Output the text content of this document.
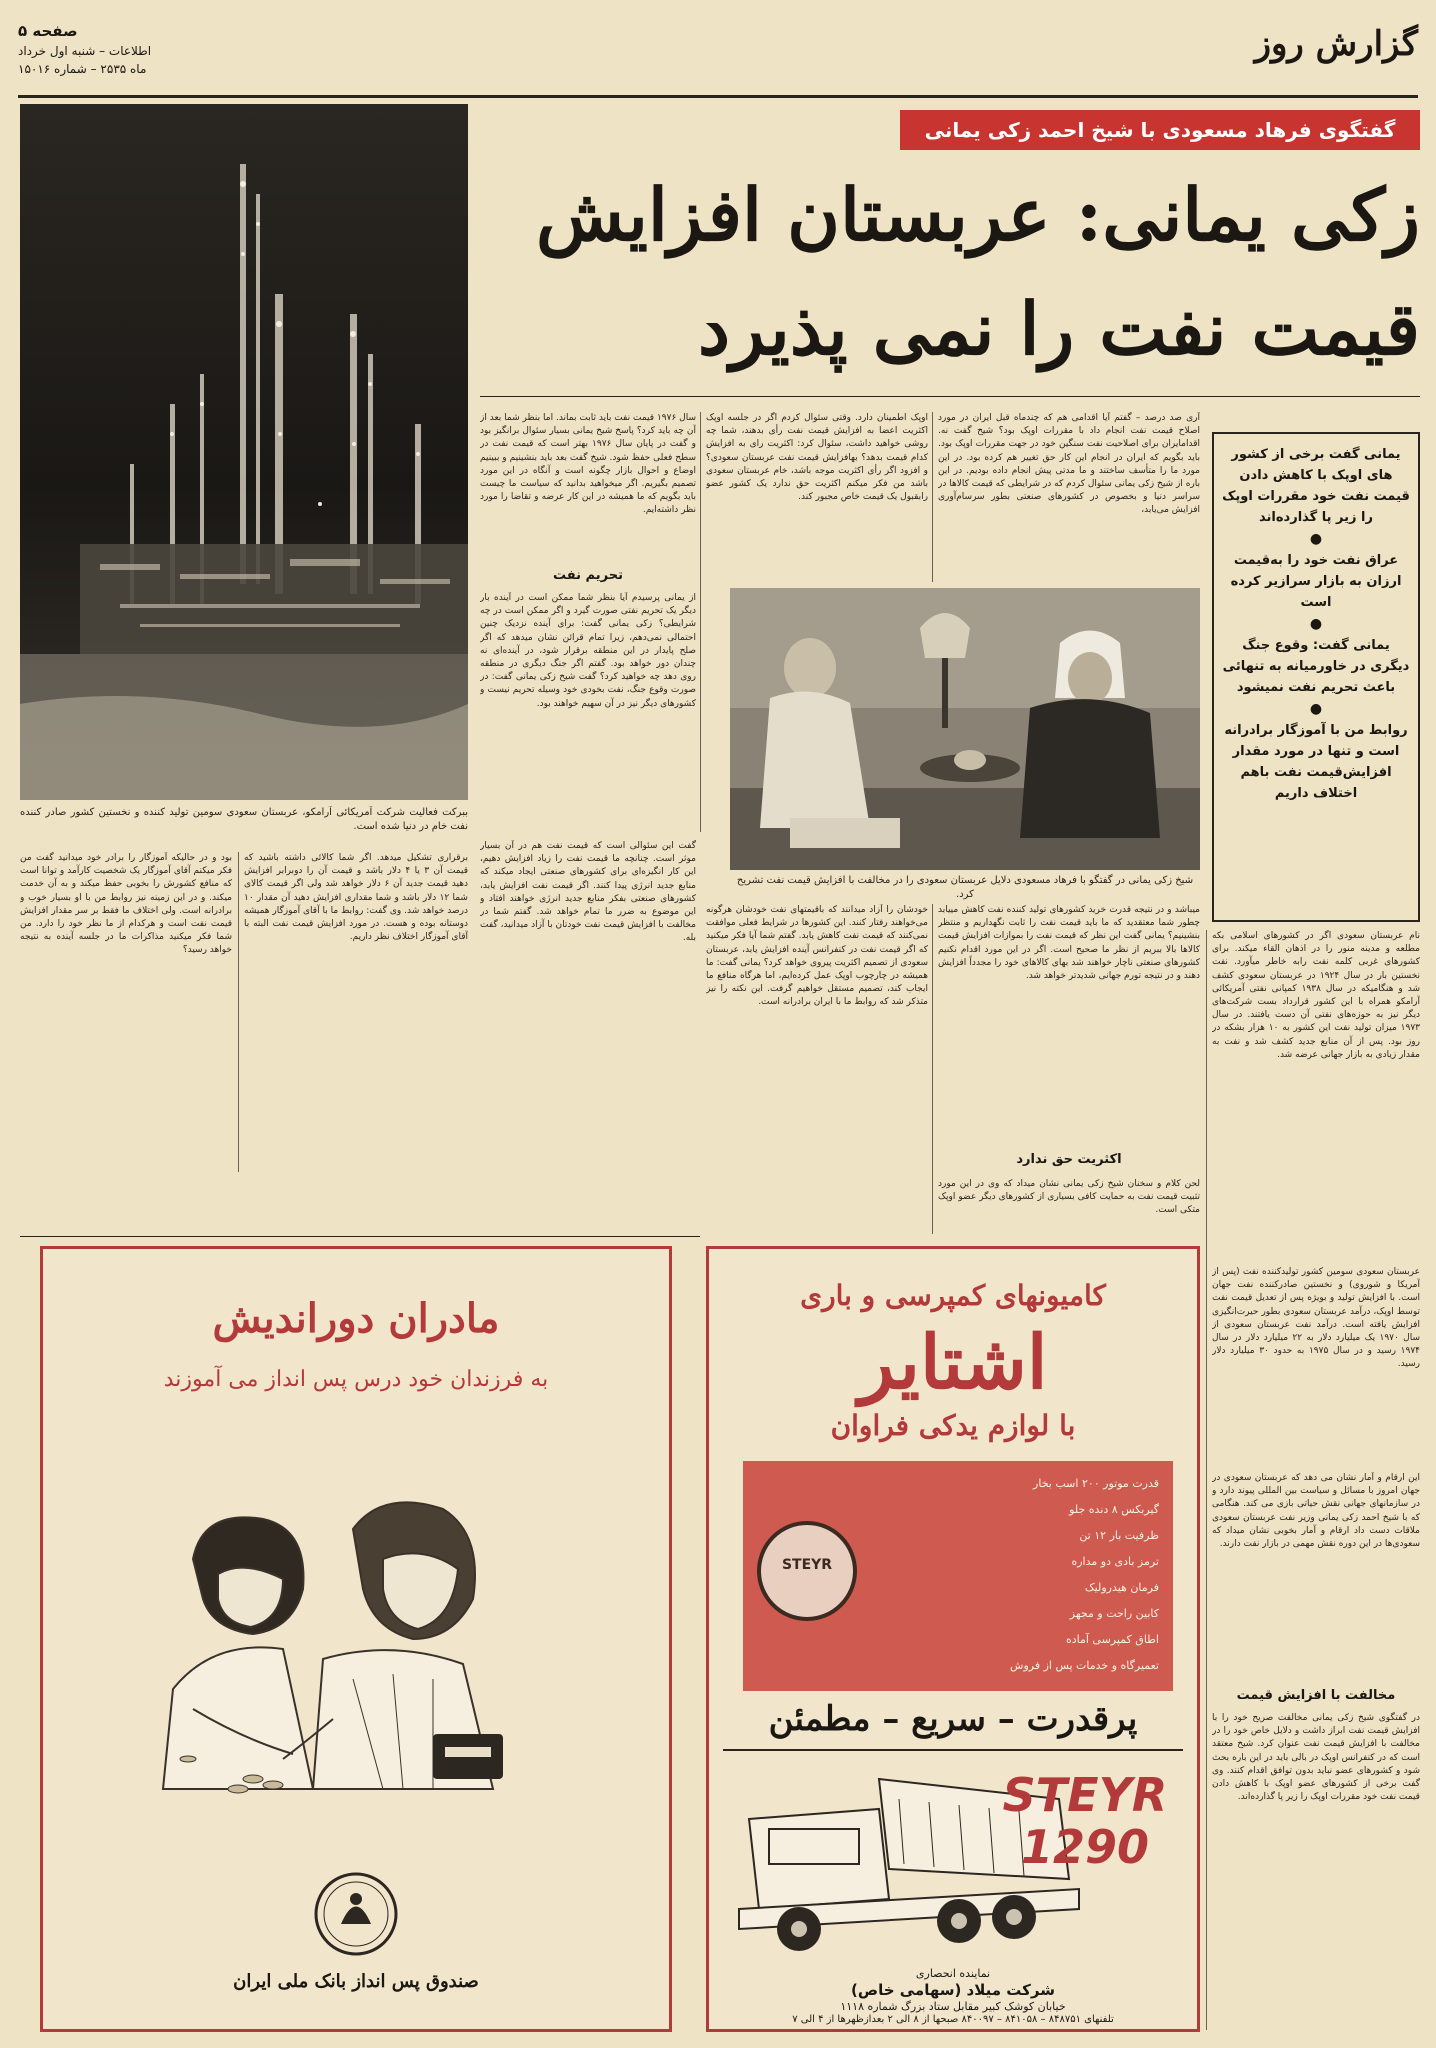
گزارش روز
صفحه ۵
اطلاعات – شنبه اول خرداد
ماه ۲۵۳۵ – شماره ۱۵۰۱۶
ببرکت فعالیت شرکت آمریکائی آرامکو، عربستان سعودی سومین تولید کننده و نخستین کشور صادر کننده نفت خام در دنیا شده است.
گفتگوی فرهاد مسعودی با شیخ احمد زکی یمانی
زکی یمانی: عربستان افزایش
قیمت نفت را نمی پذیرد
یمانی گفت برخی از کشور های اوپک با کاهش دادن قیمت نفت خود مقررات اوپک را زیر پا گذارده‌اند
●
عراق نفت خود را به‌قیمت ارزان به بازار سرازیر کرده است
●
یمانی گفت: وقوع جنگ دیگری در خاورمیانه به تنهائی باعث تحریم نفت نمیشود
●
روابط من با آموزگار برادرانه است و تنها در مورد مقدار افزایش‌قیمت نفت باهم اختلاف داریم
آری صد درصد – گفتم آیا اقدامی هم که چندماه قبل ایران در مورد اصلاح قیمت نفت انجام داد با مقررات اوپک بود؟ شیخ گفت نه. اقدامایران برای اصلاحیت نفت سنگین خود در جهت مقررات اوپک بود. باید بگویم که ایران در انجام این کار حق تغییر هم کرده بود. در این مورد ما را متأسف ساختند و ما مدتی پیش انجام داده بودیم. در این باره از شیخ زکی یمانی سئوال کردم که در شرایطی که قیمت کالاها در سراسر دنیا و بخصوص در کشورهای صنعتی بطور سرسام‌آوری افزایش می‌یابد،
اوپک اطمینان دارد. وقتی سئوال کردم اگر در جلسه اوپک اکثریت اعضا به افزایش قیمت نفت رأی بدهند، شما چه روشی خواهید داشت، سئوال کرد: اکثریت رای به افزایش کدام قیمت بدهد؟ بهافزایش قیمت نفت عربستان سعودی؟ و افزود اگر رأی اکثریت موجه باشد، خام عربستان سعودی باشد من فکر میکنم اکثریت حق ندارد یک کشور عضو رابقبول یک قیمت خاص مجبور کند.
سال ۱۹۷۶ قیمت نفت باید ثابت بماند. اما بنظر شما بعد از آن چه باید کرد؟ پاسخ شیخ یمانی بسیار سئوال برانگیز بود و گفت در پایان سال ۱۹۷۶ بهتر است که قیمت نفت در سطح فعلی حفظ شود. شیخ گفت بعد باید بنشینیم و ببینیم اوضاع و احوال بازار چگونه است و آنگاه در این مورد تصمیم بگیریم. اگر میخواهید بدانید که سیاست ما چیست باید بگویم که ما همیشه در این کار عرضه و تقاضا را مورد نظر داشته‌ایم.
تحریم نفت
از یمانی پرسیدم آیا بنظر شما ممکن است در آینده بار دیگر یک تحریم نفتی صورت گیرد و اگر ممکن است در چه شرایطی؟ زکی یمانی گفت: برای آینده نزدیک چنین احتمالی نمی‌دهم، زیرا تمام قرائن نشان میدهد که اگر صلح پایدار در این منطقه برقرار شود، در آینده‌ای نه چندان دور خواهد بود. گفتم اگر جنگ دیگری در منطقه روی دهد چه خواهید کرد؟ گفت شیخ زکی یمانی گفت: در صورت وقوع جنگ، نفت بخودی خود وسیله تحریم نیست و کشورهای دیگر نیز در آن سهیم خواهند بود.
شیخ زکی یمانی در گفتگو با فرهاد مسعودی دلایل عربستان سعودی را در مخالفت با افزایش قیمت نفت تشریح کرد.
نام عربستان سعودی اگر در کشورهای اسلامی بکه مطلعه و مدینه منور را در اذهان القاء میکند. برای کشورهای غربی کلمه نفت رابه خاطر میآورد. نفت نخستین بار در سال ۱۹۲۴ در عربستان سعودی کشف شد و هنگامیکه در سال ۱۹۳۸ کمپانی نفتی آمریکائی آرامکو همراه با این کشور قرارداد بست شرکت‌های دیگر نیز به حوزه‌های نفتی آن دست یافتند. در سال ۱۹۷۳ میزان تولید نفت این کشور به ۱۰ هزار بشکه در روز بود. پس از آن منابع جدید کشف شد و نفت به مقدار زیادی به بازار جهانی عرضه شد.
عربستان سعودی سومین کشور تولیدکننده نفت (پس از آمریکا و شوروی) و نخستین صادرکننده نفت جهان است. با افزایش تولید و بویژه پس از تعدیل قیمت نفت توسط اوپک، درآمد عربستان سعودی بطور حیرت‌انگیزی افزایش یافته است. درآمد نفت عربستان سعودی از سال ۱۹۷۰ یک میلیارد دلار به ۲۲ میلیارد دلار در سال ۱۹۷۴ رسید و در سال ۱۹۷۵ به حدود ۳۰ میلیارد دلار رسید.
این ارقام و آمار نشان می دهد که عربستان سعودی در جهان امروز با مسائل و سیاست بین المللی پیوند دارد و در سازمانهای جهانی نقش حیاتی بازی می کند. هنگامی که با شیخ احمد زکی یمانی وزیر نفت عربستان سعودی ملاقات دست داد ارقام و آمار بخوبی نشان میداد که سعودی‌ها در این دوره نقش مهمی در بازار نفت دارند.
مخالفت با افزایش قیمت
در گفتگوی شیخ زکی یمانی مخالفت صریح خود را با افزایش قیمت نفت ابراز داشت و دلایل خاص خود را در مخالفت با افزایش قیمت نفت عنوان کرد. شیخ معتقد است که در کنفرانس اوپک در بالی باید در این باره بحث شود و کشورهای عضو نباید بدون توافق اقدام کنند. وی گفت برخی از کشورهای عضو اوپک با کاهش دادن قیمت نفت خود مقررات اوپک را زیر پا گذارده‌اند.
میباشد و در نتیجه قدرت خرید کشورهای تولید کننده نفت کاهش مییابد چطور شما معتقدید که ما باید قیمت نفت را ثابت نگهداریم و منتظر بنشینیم؟ یمانی گفت این نظر که قیمت نفت را بموازات افزایش قیمت کالاها بالا ببریم از نظر ما صحیح است. اگر در این مورد اقدام نکنیم کشورهای صنعتی ناچار خواهند شد بهای کالاهای خود را مجدداً افزایش دهند و در نتیجه تورم جهانی شدیدتر خواهد شد.
اکثریت حق ندارد
لحن کلام و سخنان شیخ زکی یمانی نشان میداد که وی در این مورد تثبیت قیمت نفت به حمایت کافی بسیاری از کشورهای دیگر عضو اوپک متکی است.
خودشان را آزاد میدانند که باقیمتهای نفت خودشان هرگونه می‌خواهند رفتار کنند. این کشورها در شرایط فعلی موافقت نمی‌کنند که قیمت نفت کاهش یابد. گفتم شما آیا فکر میکنید که اگر قیمت نفت در کنفرانس آینده افزایش یابد، عربستان سعودی از تصمیم اکثریت پیروی خواهد کرد؟ یمانی گفت: ما همیشه در چارچوب اوپک عمل کرده‌ایم، اما هرگاه منافع ما ایجاب کند، تصمیم مستقل خواهیم گرفت. این نکته را نیز متذکر شد که روابط ما با ایران برادرانه است.
گفت این سئوالی است که قیمت نفت هم در آن بسیار موثر است. چنانچه ما قیمت نفت را زیاد افزایش دهیم، این کار انگیزه‌ای برای کشورهای صنعتی ایجاد میکند که منابع جدید انرژی پیدا کنند. اگر قیمت نفت افزایش یابد، کشورهای صنعتی بفکر منابع جدید انرژی خواهند افتاد و این موضوع به ضرر ما تمام خواهد شد. گفتم شما در مخالفت با افزایش قیمت نفت خودتان با آزاد میدانید، گفت بله.
برقراری تشکیل میدهد. اگر شما کالائی داشته باشید که قیمت آن ۳ یا ۴ دلار باشد و قیمت آن را دوبرابر افزایش دهید قیمت جدید آن ۶ دلار خواهد شد ولی اگر قیمت کالای شما ۱۲ دلار باشد و شما مقداری افزایش دهید آن مقدار ۱۰ درصد خواهد شد. وی گفت: روابط ما با آقای آموزگار همیشه دوستانه بوده و هست. در مورد افزایش قیمت نفت البته با آقای آموزگار اختلاف نظر داریم.
بود و در حالیکه آموزگار را برادر خود میدانید گفت من فکر میکنم آقای آموزگار یک شخصیت کارآمد و توانا است که منافع کشورش را بخوبی حفظ میکند و به آن خدمت میکند. و در این زمینه نیز روابط من با او بسیار خوب و برادرانه است. ولی اختلاف ما فقط بر سر مقدار افزایش قیمت نفت است و هرکدام از ما نظر خود را دارد. من شما فکر میکنید مذاکرات ما در جلسه آینده به نتیجه خواهد رسید؟
مادران دوراندیش
به فرزندان خود درس پس انداز می آموزند
صندوق پس انداز بانک ملی ایران
کامیونهای کمپرسی و باری
اشتایر
با لوازم یدکی فراوان
قدرت موتور ۲۰۰ اسب بخار
گیربکس ۸ دنده جلو
ظرفیت بار ۱۲ تن
ترمز بادی دو مداره
فرمان هیدرولیک
کابین راحت و مجهز
اطاق کمپرسی آماده
تعمیرگاه و خدمات پس از فروش
STEYR
پرقدرت – سریع – مطمئن
STEYR 1290
نماینده انحصاری
شرکت میلاد (سهامی خاص)
خیابان کوشک کبیر مقابل ستاد بزرگ شماره ۱۱۱۸
تلفنهای ۸۴۸۷۵۱ – ۸۴۱۰۵۸ – ۸۴۰۰۹۷ صبحها از ۸ الی ۲ بعدازظهرها از ۴ الی ۷
